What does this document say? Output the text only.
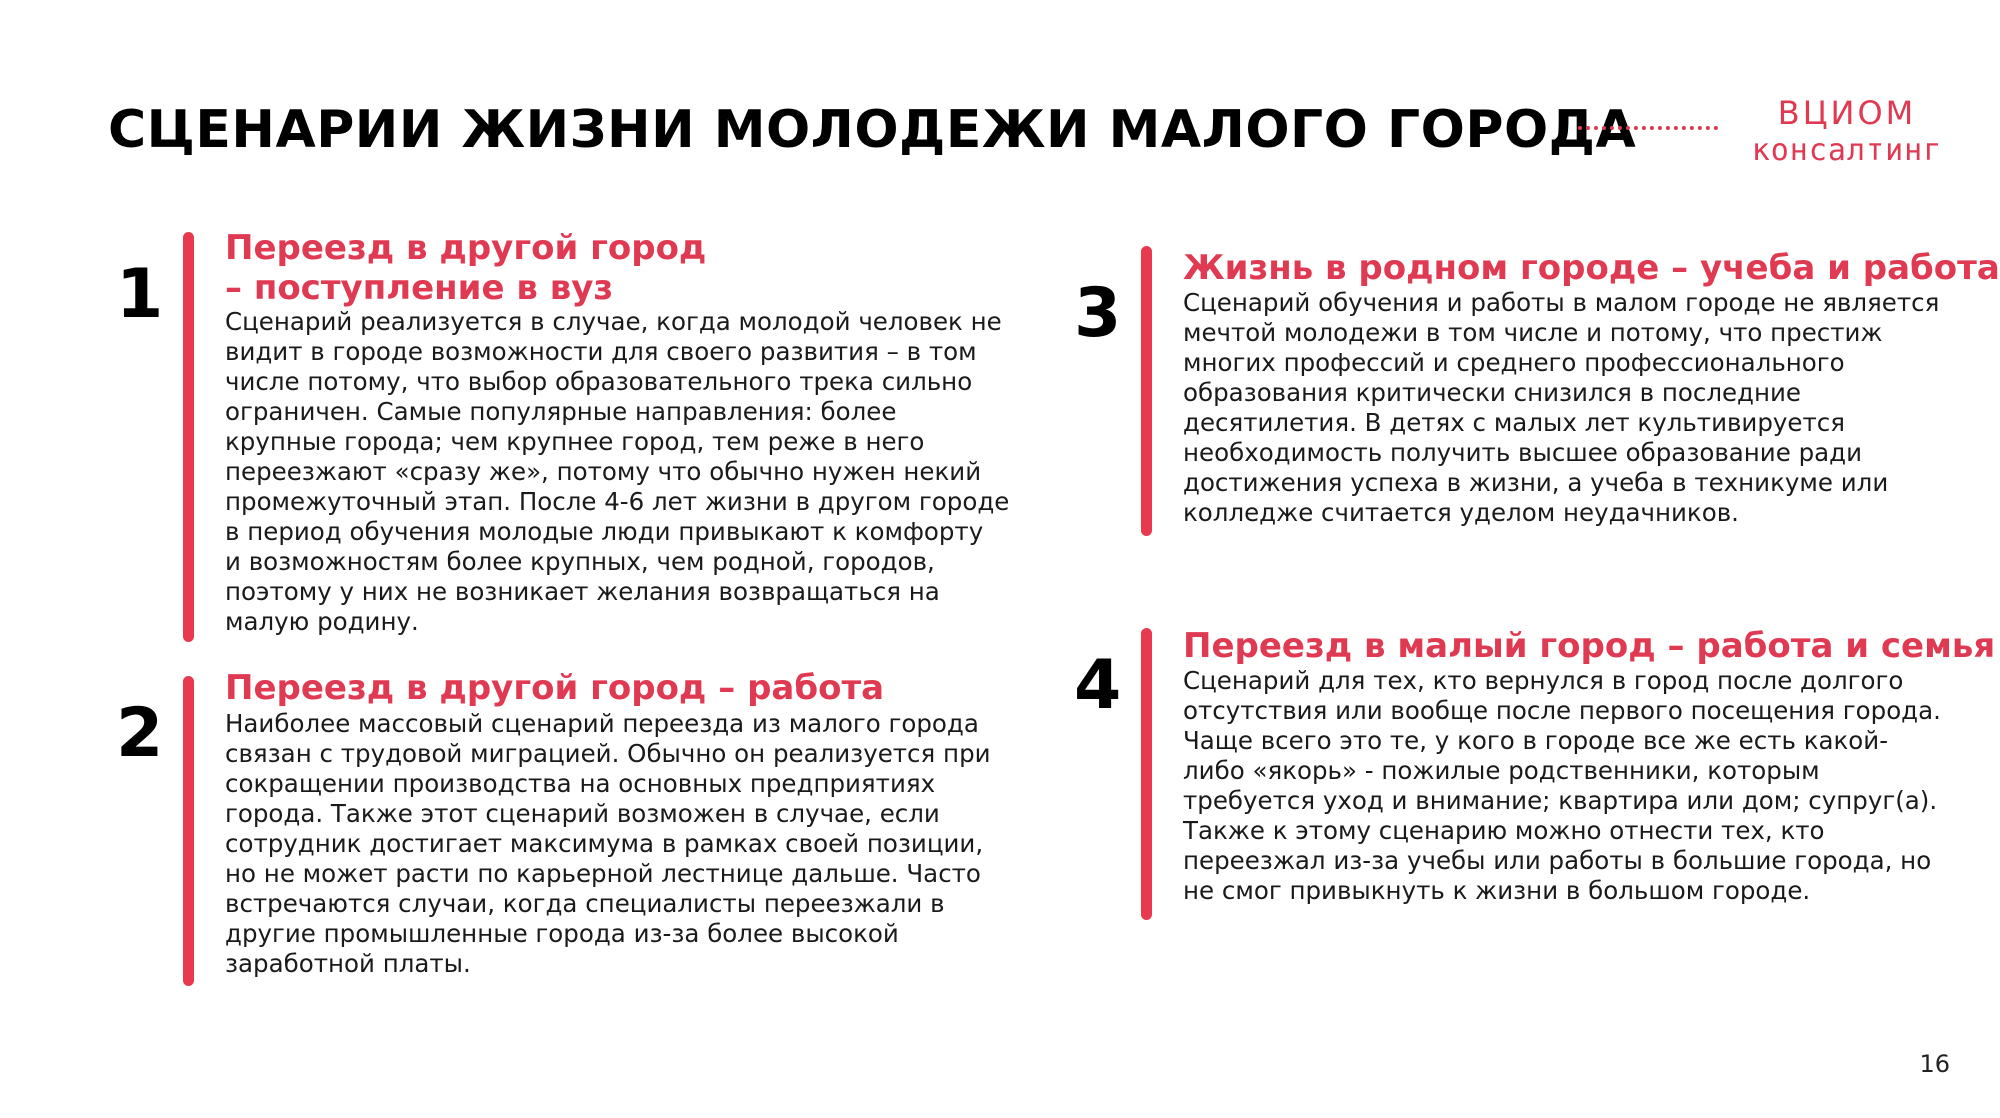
СЦЕНАРИИ ЖИЗНИ МОЛОДЕЖИ МАЛОГО ГОРОДА	ВЦИОМ
консалтинг
1
Переезд в другой город
– поступление в вуз
Сценарий реализуется в случае, когда молодой человек не
видит в городе возможности для своего развития – в том
числе потому, что выбор образовательного трека сильно
ограничен. Самые популярные направления: более
крупные города; чем крупнее город, тем реже в него
переезжают «сразу же», потому что обычно нужен некий
промежуточный этап. После 4-6 лет жизни в другом городе
в период обучения молодые люди привыкают к комфорту
и возможностям более крупных, чем родной, городов,
поэтому у них не возникает желания возвращаться на
малую родину.
2
Переезд в другой город – работа
Наиболее массовый сценарий переезда из малого города
связан с трудовой миграцией. Обычно он реализуется при
сокращении производства на основных предприятиях
города. Также этот сценарий возможен в случае, если
сотрудник достигает максимума в рамках своей позиции,
но не может расти по карьерной лестнице дальше. Часто
встречаются случаи, когда специалисты переезжали в
другие промышленные города из-за более высокой
заработной платы.
3
Жизнь в родном городе – учеба и работа
Сценарий обучения и работы в малом городе не является
мечтой молодежи в том числе и потому, что престиж
многих профессий и среднего профессионального
образования критически снизился в последние
десятилетия. В детях с малых лет культивируется
необходимость получить высшее образование ради
достижения успеха в жизни, а учеба в техникуме или
колледже считается уделом неудачников.
4 Переезд в малый город – работа и семья
Сценарий для тех, кто вернулся в город после долгого
отсутствия или вообще после первого посещения города.
Чаще всего это те, у кого в городе все же есть какой-
либо «якорь» - пожилые родственники, которым
требуется уход и внимание; квартира или дом; супруг(а).
Также к этому сценарию можно отнести тех, кто
переезжал из-за учебы или работы в большие города, но
не смог привыкнуть к жизни в большом городе.
16
